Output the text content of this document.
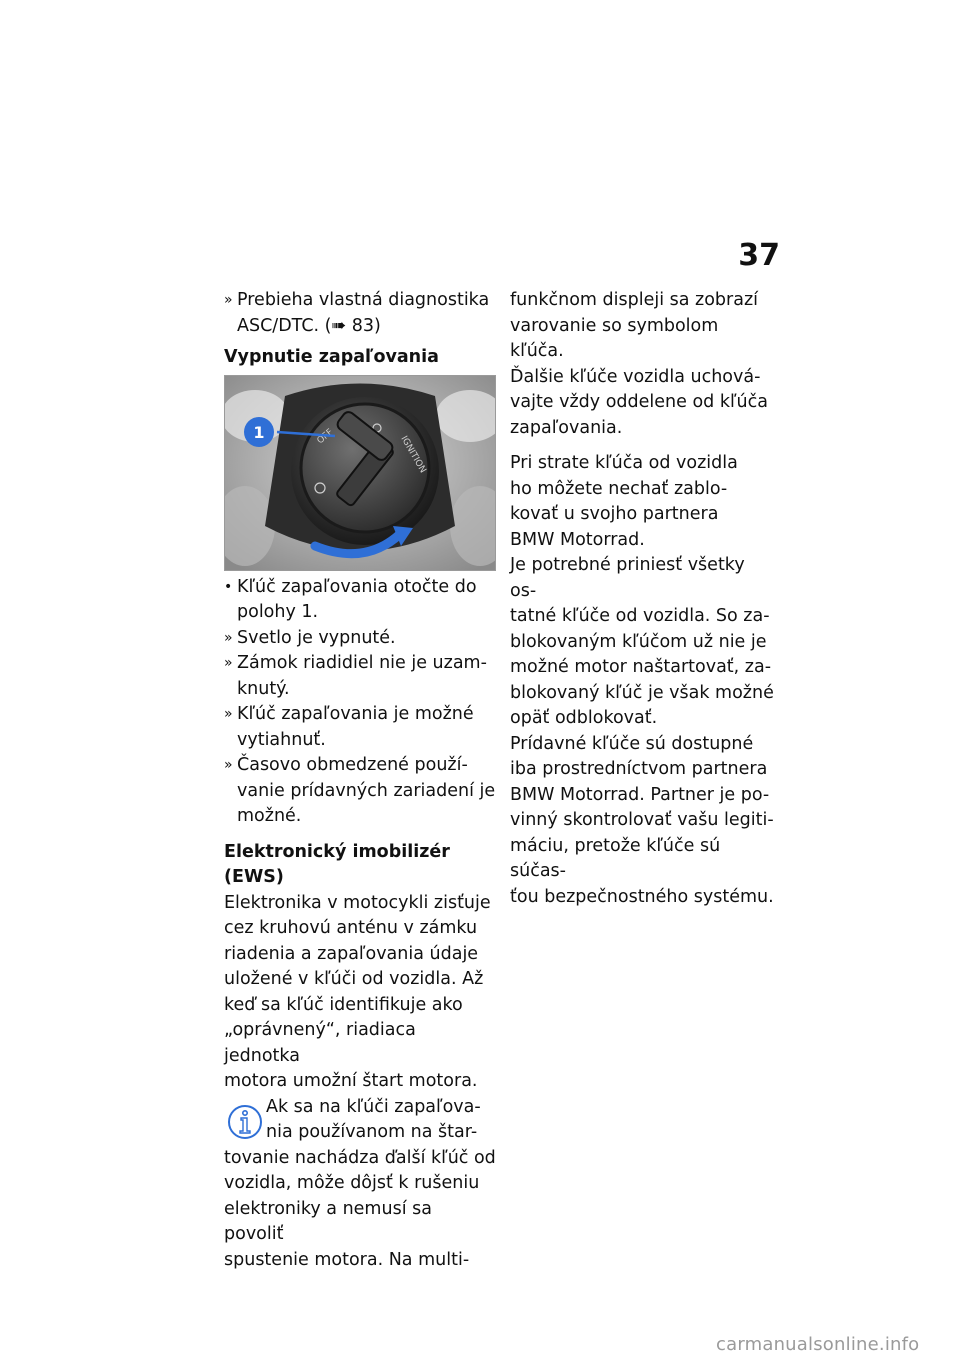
37
» Prebieha vlastná diagnostika
ASC/DTC. (➠ 83)
Vypnutie zapaľovania
OFF	IGNITION
1
• Kľúč zapaľovania otočte do
polohy 1.
» Svetlo je vypnuté.
» Zámok riadidiel nie je uzam-
knutý.
» Kľúč zapaľovania je možné
vytiahnuť.
» Časovo obmedzené použí-
vanie prídavných zariadení je
možné.
Elektronický imobilizér (EWS)
Elektronika v motocykli zisťuje
cez kruhovú anténu v zámku
riadenia a zapaľovania údaje
uložené v kľúči od vozidla. Až
keď sa kľúč identifikuje ako
„oprávnený“, riadiaca jednotka
motora umožní štart motora.
Ak sa na kľúči zapaľova-
nia používanom na štar-
tovanie nachádza ďalší kľúč od
vozidla, môže dôjsť k rušeniu
elektroniky a nemusí sa povoliť
spustenie motora. Na multi-
funkčnom displeji sa zobrazí
varovanie so symbolom kľúča.
Ďalšie kľúče vozidla uchová-
vajte vždy oddelene od kľúča
zapaľovania.
Pri strate kľúča od vozidla
ho môžete nechať zablo-
kovať u svojho partnera
BMW Motorrad.
Je potrebné priniesť všetky os-
tatné kľúče od vozidla. So za-
blokovaným kľúčom už nie je
možné motor naštartovať, za-
blokovaný kľúč je však možné
opäť odblokovať.
Prídavné kľúče sú dostupné
iba prostredníctvom partnera
BMW Motorrad. Partner je po-
vinný skontrolovať vašu legiti-
máciu, pretože kľúče sú súčas-
ťou bezpečnostného systému.
carmanualsonline.info
